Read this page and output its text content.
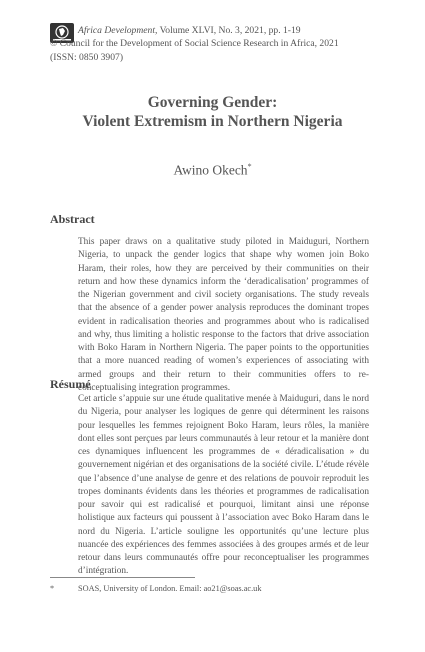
Africa Development, Volume XLVI, No. 3, 2021, pp. 1-19
© Council for the Development of Social Science Research in Africa, 2021
(ISSN: 0850 3907)
Governing Gender:
Violent Extremism in Northern Nigeria
Awino Okech*
Abstract
This paper draws on a qualitative study piloted in Maiduguri, Northern Nigeria, to unpack the gender logics that shape why women join Boko Haram, their roles, how they are perceived by their communities on their return and how these dynamics inform the ‘deradicalisation’ programmes of the Nigerian government and civil society organisations. The study reveals that the absence of a gender power analysis reproduces the dominant tropes evident in radicalisation theories and programmes about who is radicalised and why, thus limiting a holistic response to the factors that drive association with Boko Haram in Northern Nigeria. The paper points to the opportunities that a more nuanced reading of women’s experiences of associating with armed groups and their return to their communities offers to re-conceptualising integration programmes.
Résumé
Cet article s’appuie sur une étude qualitative menée à Maiduguri, dans le nord du Nigeria, pour analyser les logiques de genre qui déterminent les raisons pour lesquelles les femmes rejoignent Boko Haram, leurs rôles, la manière dont elles sont perçues par leurs communautés à leur retour et la manière dont ces dynamiques influencent les programmes de « déradicalisation » du gouvernement nigérian et des organisations de la société civile. L’étude révèle que l’absence d’une analyse de genre et des relations de pouvoir reproduit les tropes dominants évidents dans les théories et programmes de radicalisation pour savoir qui est radicalisé et pourquoi, limitant ainsi une réponse holistique aux facteurs qui poussent à l’association avec Boko Haram dans le nord du Nigeria. L’article souligne les opportunités qu’une lecture plus nuancée des expériences des femmes associées à des groupes armés et de leur retour dans leurs communautés offre pour reconceptualiser les programmes d’intégration.
*	SOAS, University of London. Email: ao21@soas.ac.uk
